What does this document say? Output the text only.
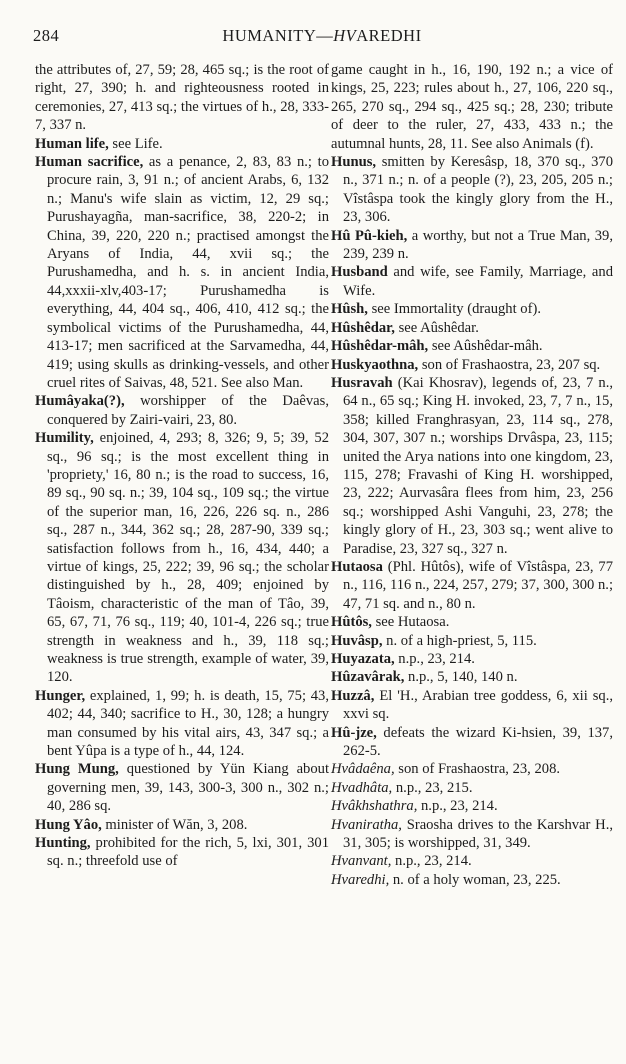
284	HUMANITY—HVAREDHI

the attributes of, 27, 59; 28, 465 sq.; is the root of right, 27, 390; h. and righteousness rooted in ceremonies, 27, 413 sq.; the virtues of h., 28, 333-7, 337 n.

Human life, see Life.

Human sacrifice, as a penance, 2, 83, 83 n.; to procure rain, 3, 91 n.; of ancient Arabs, 6, 132 n.; Manu's wife slain as victim, 12, 29 sq.; Purushayagña, man-sacrifice, 38, 220-2; in China, 39, 220, 220 n.; practised amongst the Aryans of India, 44, xvii sq.; the Purushamedha, and h. s. in ancient India, 44,xxxii-xlv,403-17; Purushamedha is everything, 44, 404 sq., 406, 410, 412 sq.; the symbolical victims of the Purushamedha, 44, 413-17; men sacrificed at the Sarvamedha, 44, 419; using skulls as drinking-vessels, and other cruel rites of Saivas, 48, 521. See also Man.

Humâyaka(?), worshipper of the Daêvas, conquered by Zairi-vairi, 23, 80.

Humility, enjoined, 4, 293; 8, 326; 9, 5; 39, 52 sq., 96 sq.; is the most excellent thing in 'propriety,' 16, 80 n.; is the road to success, 16, 89 sq., 90 sq. n.; 39, 104 sq., 109 sq.; the virtue of the superior man, 16, 226, 226 sq. n., 286 sq., 287 n., 344, 362 sq.; 28, 287-90, 339 sq.; satisfaction follows from h., 16, 434, 440; a virtue of kings, 25, 222; 39, 96 sq.; the scholar distinguished by h., 28, 409; enjoined by Tâoism, characteristic of the man of Tâo, 39, 65, 67, 71, 76 sq., 119; 40, 101-4, 226 sq.; true strength in weakness and h., 39, 118 sq.; weakness is true strength, example of water, 39, 120.

Hunger, explained, 1, 99; h. is death, 15, 75; 43, 402; 44, 340; sacrifice to H., 30, 128; a hungry man consumed by his vital airs, 43, 347 sq.; a bent Yûpa is a type of h., 44, 124.

Hung Mung, questioned by Yün Kiang about governing men, 39, 143, 300-3, 300 n., 302 n.; 40, 286 sq.

Hung Yâo, minister of Wăn, 3, 208.

Hunting, prohibited for the rich, 5, lxi, 301, 301 sq. n.; threefold use of

game caught in h., 16, 190, 192 n.; a vice of kings, 25, 223; rules about h., 27, 106, 220 sq., 265, 270 sq., 294 sq., 425 sq.; 28, 230; tribute of deer to the ruler, 27, 433, 433 n.; the autumnal hunts, 28, 11. See also Animals (f).

Hunus, smitten by Keresâsp, 18, 370 sq., 370 n., 371 n.; n. of a people (?), 23, 205, 205 n.; Vîstâspa took the kingly glory from the H., 23, 306.

Hû Pû-kieh, a worthy, but not a True Man, 39, 239, 239 n.

Husband and wife, see Family, Marriage, and Wife.

Hûsh, see Immortality (draught of).

Hûshêdar, see Aûshêdar.

Hûshêdar-mâh, see Aûshêdar-mâh.

Huskyaothna, son of Frashaostra, 23, 207 sq.

Husravah (Kai Khosrav), legends of, 23, 7 n., 64 n., 65 sq.; King H. invoked, 23, 7, 7 n., 15, 358; killed Franghrasyan, 23, 114 sq., 278, 304, 307, 307 n.; worships Drvâspa, 23, 115; united the Arya nations into one kingdom, 23, 115, 278; Fravashi of King H. worshipped, 23, 222; Aurvasâra flees from him, 23, 256 sq.; worshipped Ashi Vanguhi, 23, 278; the kingly glory of H., 23, 303 sq.; went alive to Paradise, 23, 327 sq., 327 n.

Hutaosa (Phl. Hûtôs), wife of Vîstâspa, 23, 77 n., 116, 116 n., 224, 257, 279; 37, 300, 300 n.; 47, 71 sq. and n., 80 n.

Hûtôs, see Hutaosa.

Huvâsp, n. of a high-priest, 5, 115.

Huyazata, n.p., 23, 214.

Hûzavârak, n.p., 5, 140, 140 n.

Huzzâ, El 'H., Arabian tree goddess, 6, xii sq., xxvi sq.

Hû-jze, defeats the wizard Ki-hsien, 39, 137, 262-5.

Hvâdaêna, son of Frashaostra, 23, 208.

Hvadhâta, n.p., 23, 215.

Hvâkhshathra, n.p., 23, 214.

Hvaniratha, Sraosha drives to the Karshvar H., 31, 305; is worshipped, 31, 349.

Hvanvant, n.p., 23, 214.

Hvaredhi, n. of a holy woman, 23, 225.
